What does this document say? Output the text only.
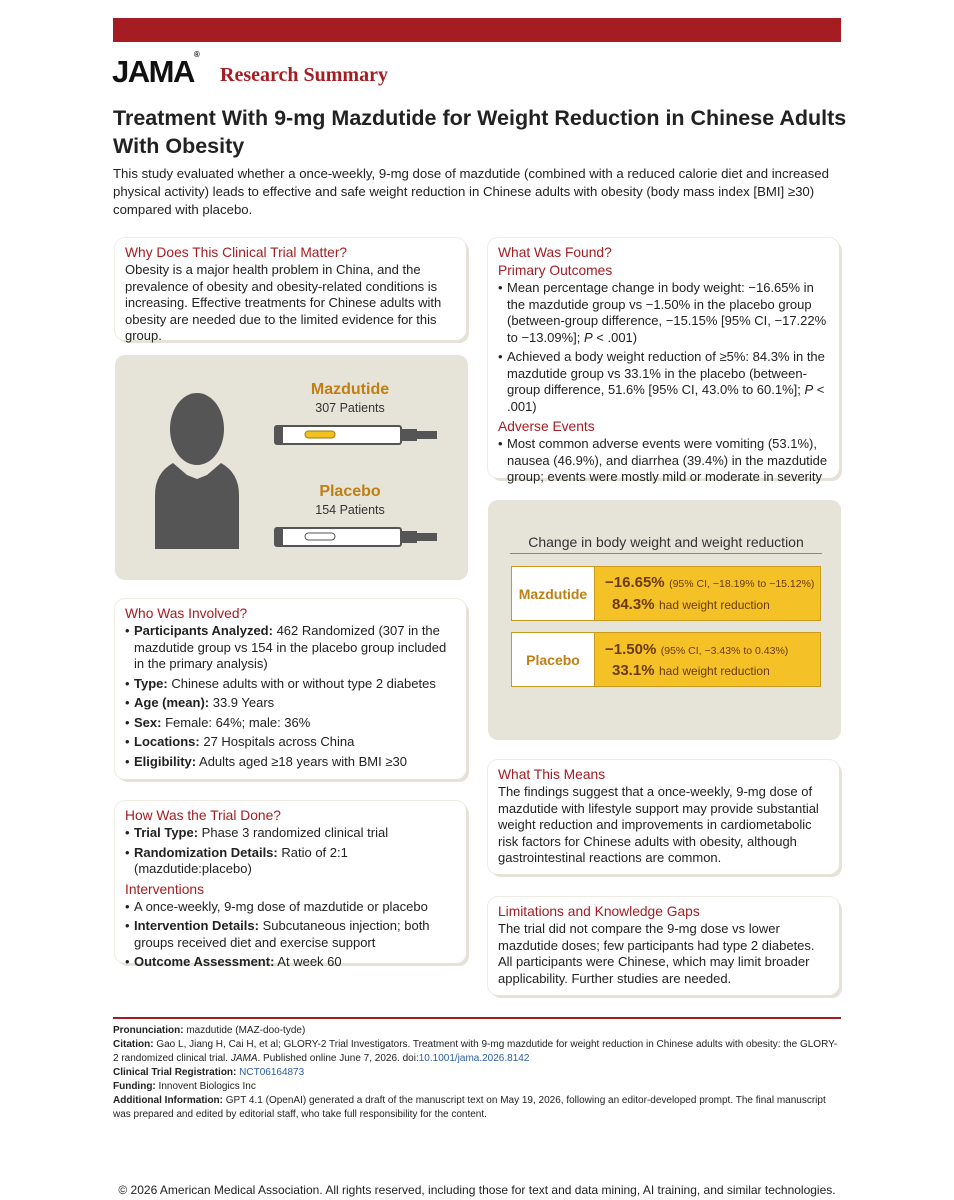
JAMA®
Research Summary
Treatment With 9-mg Mazdutide for Weight Reduction in Chinese Adults With Obesity
This study evaluated whether a once-weekly, 9-mg dose of mazdutide (combined with a reduced calorie diet and increased physical activity) leads to effective and safe weight reduction in Chinese adults with obesity (body mass index [BMI] ≥30) compared with placebo.
Why Does This Clinical Trial Matter?
Obesity is a major health problem in China, and the prevalence of obesity and obesity-related conditions is increasing. Effective treatments for Chinese adults with obesity are needed due to the limited evidence for this group.
Mazdutide
307 Patients
Placebo
154 Patients
Who Was Involved?
• Participants Analyzed: 462 Randomized (307 in the mazdutide group vs 154 in the placebo group included in the primary analysis)
• Type: Chinese adults with or without type 2 diabetes
• Age (mean): 33.9 Years
• Sex: Female: 64%; male: 36%
• Locations: 27 Hospitals across China
• Eligibility: Adults aged ≥18 years with BMI ≥30
How Was the Trial Done?
• Trial Type: Phase 3 randomized clinical trial
• Randomization Details: Ratio of 2:1 (mazdutide:placebo)
Interventions
• A once-weekly, 9-mg dose of mazdutide or placebo
• Intervention Details: Subcutaneous injection; both groups received diet and exercise support
• Outcome Assessment: At week 60
What Was Found?
Primary Outcomes
• Mean percentage change in body weight: −16.65% in the mazdutide group vs −1.50% in the placebo group (between-group difference, −15.15% [95% CI, −17.22% to −13.09%]; P < .001)
• Achieved a body weight reduction of ≥5%: 84.3% in the mazdutide group vs 33.1% in the placebo (between-group difference, 51.6% [95% CI, 43.0% to 60.1%]; P < .001)
Adverse Events
• Most common adverse events were vomiting (53.1%), nausea (46.9%), and diarrhea (39.4%) in the mazdutide group; events were mostly mild or moderate in severity
Change in body weight and weight reduction
Mazdutide
−16.65% (95% CI, −18.19% to −15.12%)
84.3% had weight reduction
Placebo
−1.50% (95% CI, −3.43% to 0.43%)
33.1% had weight reduction
What This Means
The findings suggest that a once-weekly, 9-mg dose of mazdutide with lifestyle support may provide substantial weight reduction and improvements in cardiometabolic risk factors for Chinese adults with obesity, although gastrointestinal reactions are common.
Limitations and Knowledge Gaps
The trial did not compare the 9-mg dose vs lower mazdutide doses; few participants had type 2 diabetes. All participants were Chinese, which may limit broader applicability. Further studies are needed.
Pronunciation: mazdutide (MAZ-doo-tyde)
Citation: Gao L, Jiang H, Cai H, et al; GLORY-2 Trial Investigators. Treatment with 9-mg mazdutide for weight reduction in Chinese adults with obesity: the GLORY-2 randomized clinical trial. JAMA. Published online June 7, 2026. doi:10.1001/jama.2026.8142
Clinical Trial Registration: NCT06164873
Funding: Innovent Biologics Inc
Additional Information: GPT 4.1 (OpenAI) generated a draft of the manuscript text on May 19, 2026, following an editor-developed prompt. The final manuscript was prepared and edited by editorial staff, who take full responsibility for the content.
© 2026 American Medical Association. All rights reserved, including those for text and data mining, AI training, and similar technologies.
